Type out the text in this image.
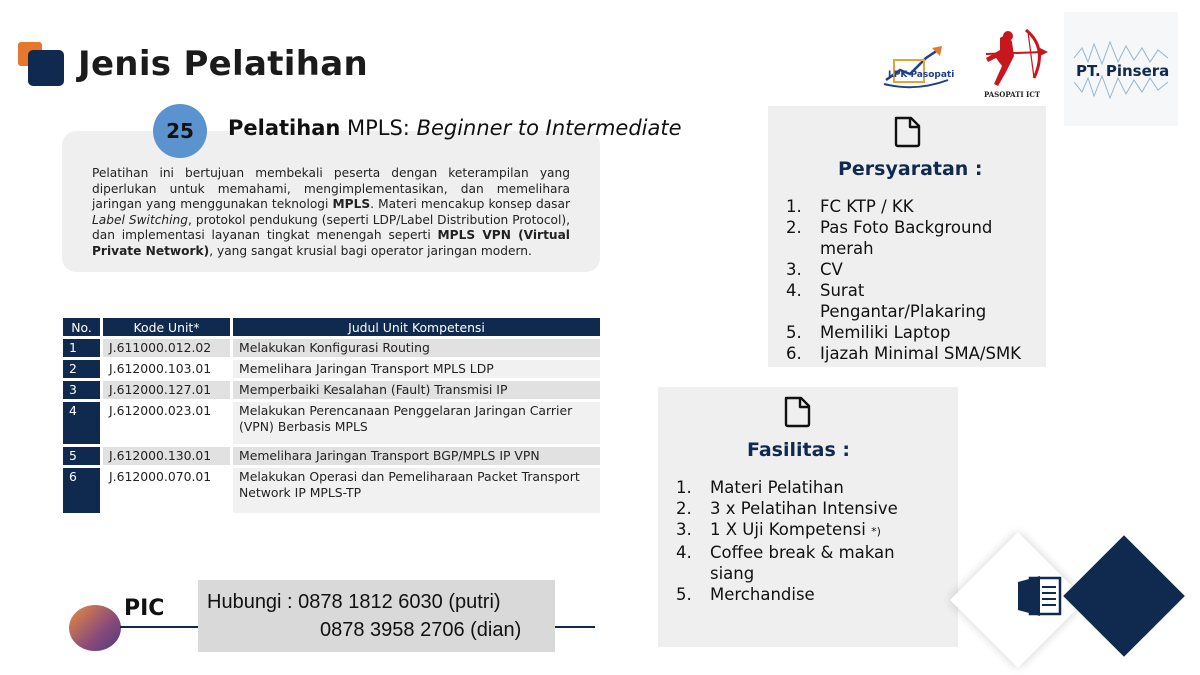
Jenis Pelatihan	LPK Pasopati
PASOPATI ICT
PT. Pinsera
25	Pelatihan MPLS: Beginner to Intermediate
Pelatihan ini bertujuan membekali peserta dengan keterampilan yang diperlukan untuk memahami, mengimplementasikan, dan memelihara jaringan yang menggunakan teknologi MPLS. Materi mencakup konsep dasar Label Switching, protokol pendukung (seperti LDP/Label Distribution Protocol), dan implementasi layanan tingkat menengah seperti MPLS VPN (Virtual Private Network), yang sangat krusial bagi operator jaringan modern.
No.	Kode Unit*	Judul Unit Kompetensi
1	J.611000.012.02	Melakukan Konfigurasi Routing
2	J.612000.103.01	Memelihara Jaringan Transport MPLS LDP
3	J.612000.127.01	Memperbaiki Kesalahan (Fault) Transmisi IP
4	J.612000.023.01	Melakukan Perencanaan Penggelaran Jaringan Carrier (VPN) Berbasis MPLS
5	J.612000.130.01	Memelihara Jaringan Transport BGP/MPLS IP VPN
6	J.612000.070.01	Melakukan Operasi dan Pemeliharaan Packet Transport Network IP MPLS-TP
PIC Hubungi : 0878 1812 6030 (putri)
0878 3958 2706 (dian)
Persyaratan :
1.	FC KTP / KK
2.	Pas Foto Background merah
3.	CV
4.	Surat Pengantar/Plakaring
5.	Memiliki Laptop
6.	Ijazah Minimal SMA/SMK
Fasilitas :
1.	Materi Pelatihan
2.	3 x Pelatihan Intensive
3.	1 X Uji Kompetensi *)
4.	Coffee break & makan siang
5.	Merchandise
